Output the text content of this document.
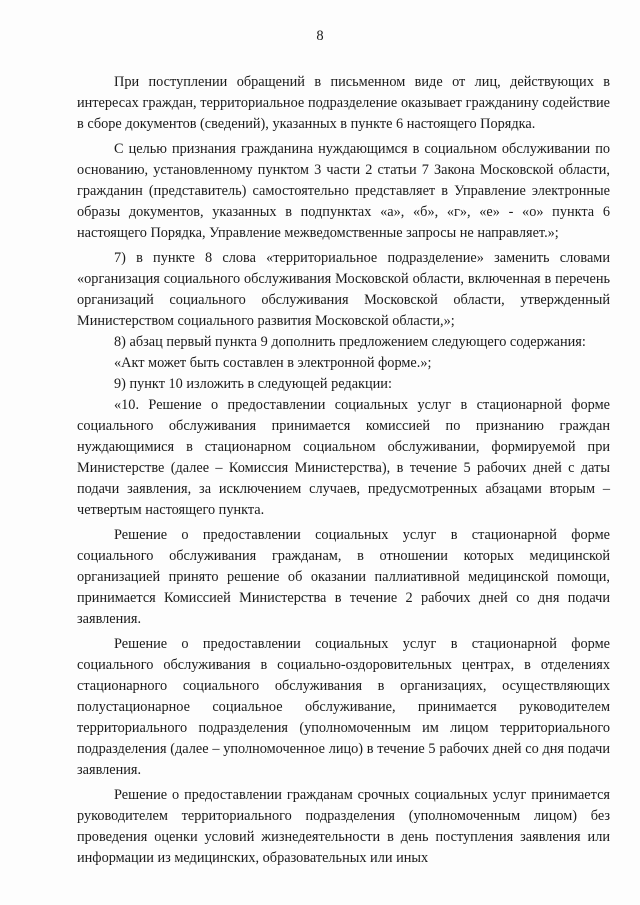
8

При поступлении обращений в письменном виде от лиц, действующих в интересах граждан, территориальное подразделение оказывает гражданину содействие в сборе документов (сведений), указанных в пункте 6 настоящего Порядка.

С целью признания гражданина нуждающимся в социальном обслуживании по основанию, установленному пунктом 3 части 2 статьи 7 Закона Московской области, гражданин (представитель) самостоятельно представляет в Управление электронные образы документов, указанных в подпунктах «а», «б», «г», «е» - «о» пункта 6 настоящего Порядка, Управление межведомственные запросы не направляет.»;

7) в пункте 8 слова «территориальное подразделение» заменить словами «организация социального обслуживания Московской области, включенная в перечень организаций социального обслуживания Московской области, утвержденный Министерством социального развития Московской области,»;

8) абзац первый пункта 9 дополнить предложением следующего содержания:

«Акт может быть составлен в электронной форме.»;

9) пункт 10 изложить в следующей редакции:

«10. Решение о предоставлении социальных услуг в стационарной форме социального обслуживания принимается комиссией по признанию граждан нуждающимися в стационарном социальном обслуживании, формируемой при Министерстве (далее – Комиссия Министерства), в течение 5 рабочих дней с даты подачи заявления, за исключением случаев, предусмотренных абзацами вторым – четвертым настоящего пункта.

Решение о предоставлении социальных услуг в стационарной форме социального обслуживания гражданам, в отношении которых медицинской организацией принято решение об оказании паллиативной медицинской помощи, принимается Комиссией Министерства в течение 2 рабочих дней со дня подачи заявления.

Решение о предоставлении социальных услуг в стационарной форме социального обслуживания в социально-оздоровительных центрах, в отделениях стационарного социального обслуживания в организациях, осуществляющих полустационарное социальное обслуживание, принимается руководителем территориального подразделения (уполномоченным им лицом территориального подразделения (далее – уполномоченное лицо) в течение 5 рабочих дней со дня подачи заявления.

Решение о предоставлении гражданам срочных социальных услуг принимается руководителем территориального подразделения (уполномоченным лицом) без проведения оценки условий жизнедеятельности в день поступления заявления или информации из медицинских, образовательных или иных
